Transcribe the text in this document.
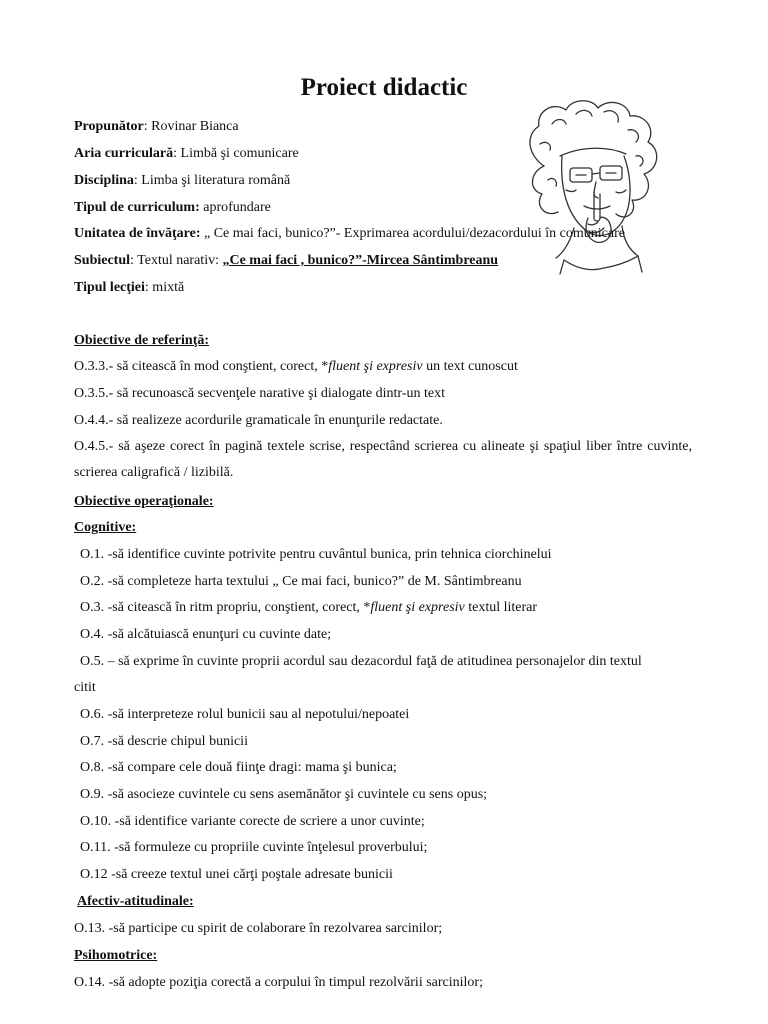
Proiect didactic

Propunător: Rovinar Bianca

Aria curriculară: Limbă şi comunicare

Disciplina: Limba şi literatura română

Tipul de curriculum: aprofundare

Unitatea de învăţare: „ Ce mai faci, bunico?”- Exprimarea acordului/dezacordului în comunicare

Subiectul: Textul narativ: „Ce mai faci , bunico?”-Mircea Sântimbreanu

Tipul lecţiei: mixtă

Obiective de referinţă:

O.3.3.- să citească în mod conştient, corect, *fluent şi expresiv un text cunoscut

O.3.5.- să recunoască secvenţele narative şi dialogate dintr-un text

O.4.4.- să realizeze acordurile gramaticale în enunţurile redactate.

O.4.5.- să aşeze corect în pagină textele scrise, respectând scrierea cu alineate şi spaţiul liber între cuvinte, scrierea caligrafică / lizibilă.

Obiective operaţionale:

Cognitive:

O.1. -să identifice cuvinte potrivite pentru cuvântul bunica, prin tehnica ciorchinelui

O.2. -să completeze harta textului „ Ce mai faci, bunico?” de M. Sântimbreanu

O.3. -să citească în ritm propriu, conştient, corect, *fluent şi expresiv textul literar

O.4. -să alcătuiască enunţuri cu cuvinte date;

O.5. – să exprime în cuvinte proprii acordul sau dezacordul faţă de atitudinea personajelor din textul

citit

O.6. -să interpreteze rolul bunicii sau al nepotului/nepoatei

O.7. -să descrie chipul bunicii

O.8. -să compare cele două fiinţe dragi: mama şi bunica;

O.9. -să asocieze cuvintele cu sens asemănător şi cuvintele cu sens opus;

O.10. -să identifice variante corecte de scriere a unor cuvinte;

O.11. -să formuleze cu propriile cuvinte înţelesul proverbului;

O.12 -să creeze textul unei cărţi poştale adresate bunicii

Afectiv-atitudinale:

O.13. -să participe cu spirit de colaborare în rezolvarea sarcinilor;

Psihomotrice:

O.14. -să adopte poziţia corectă a corpului în timpul rezolvării sarcinilor;
